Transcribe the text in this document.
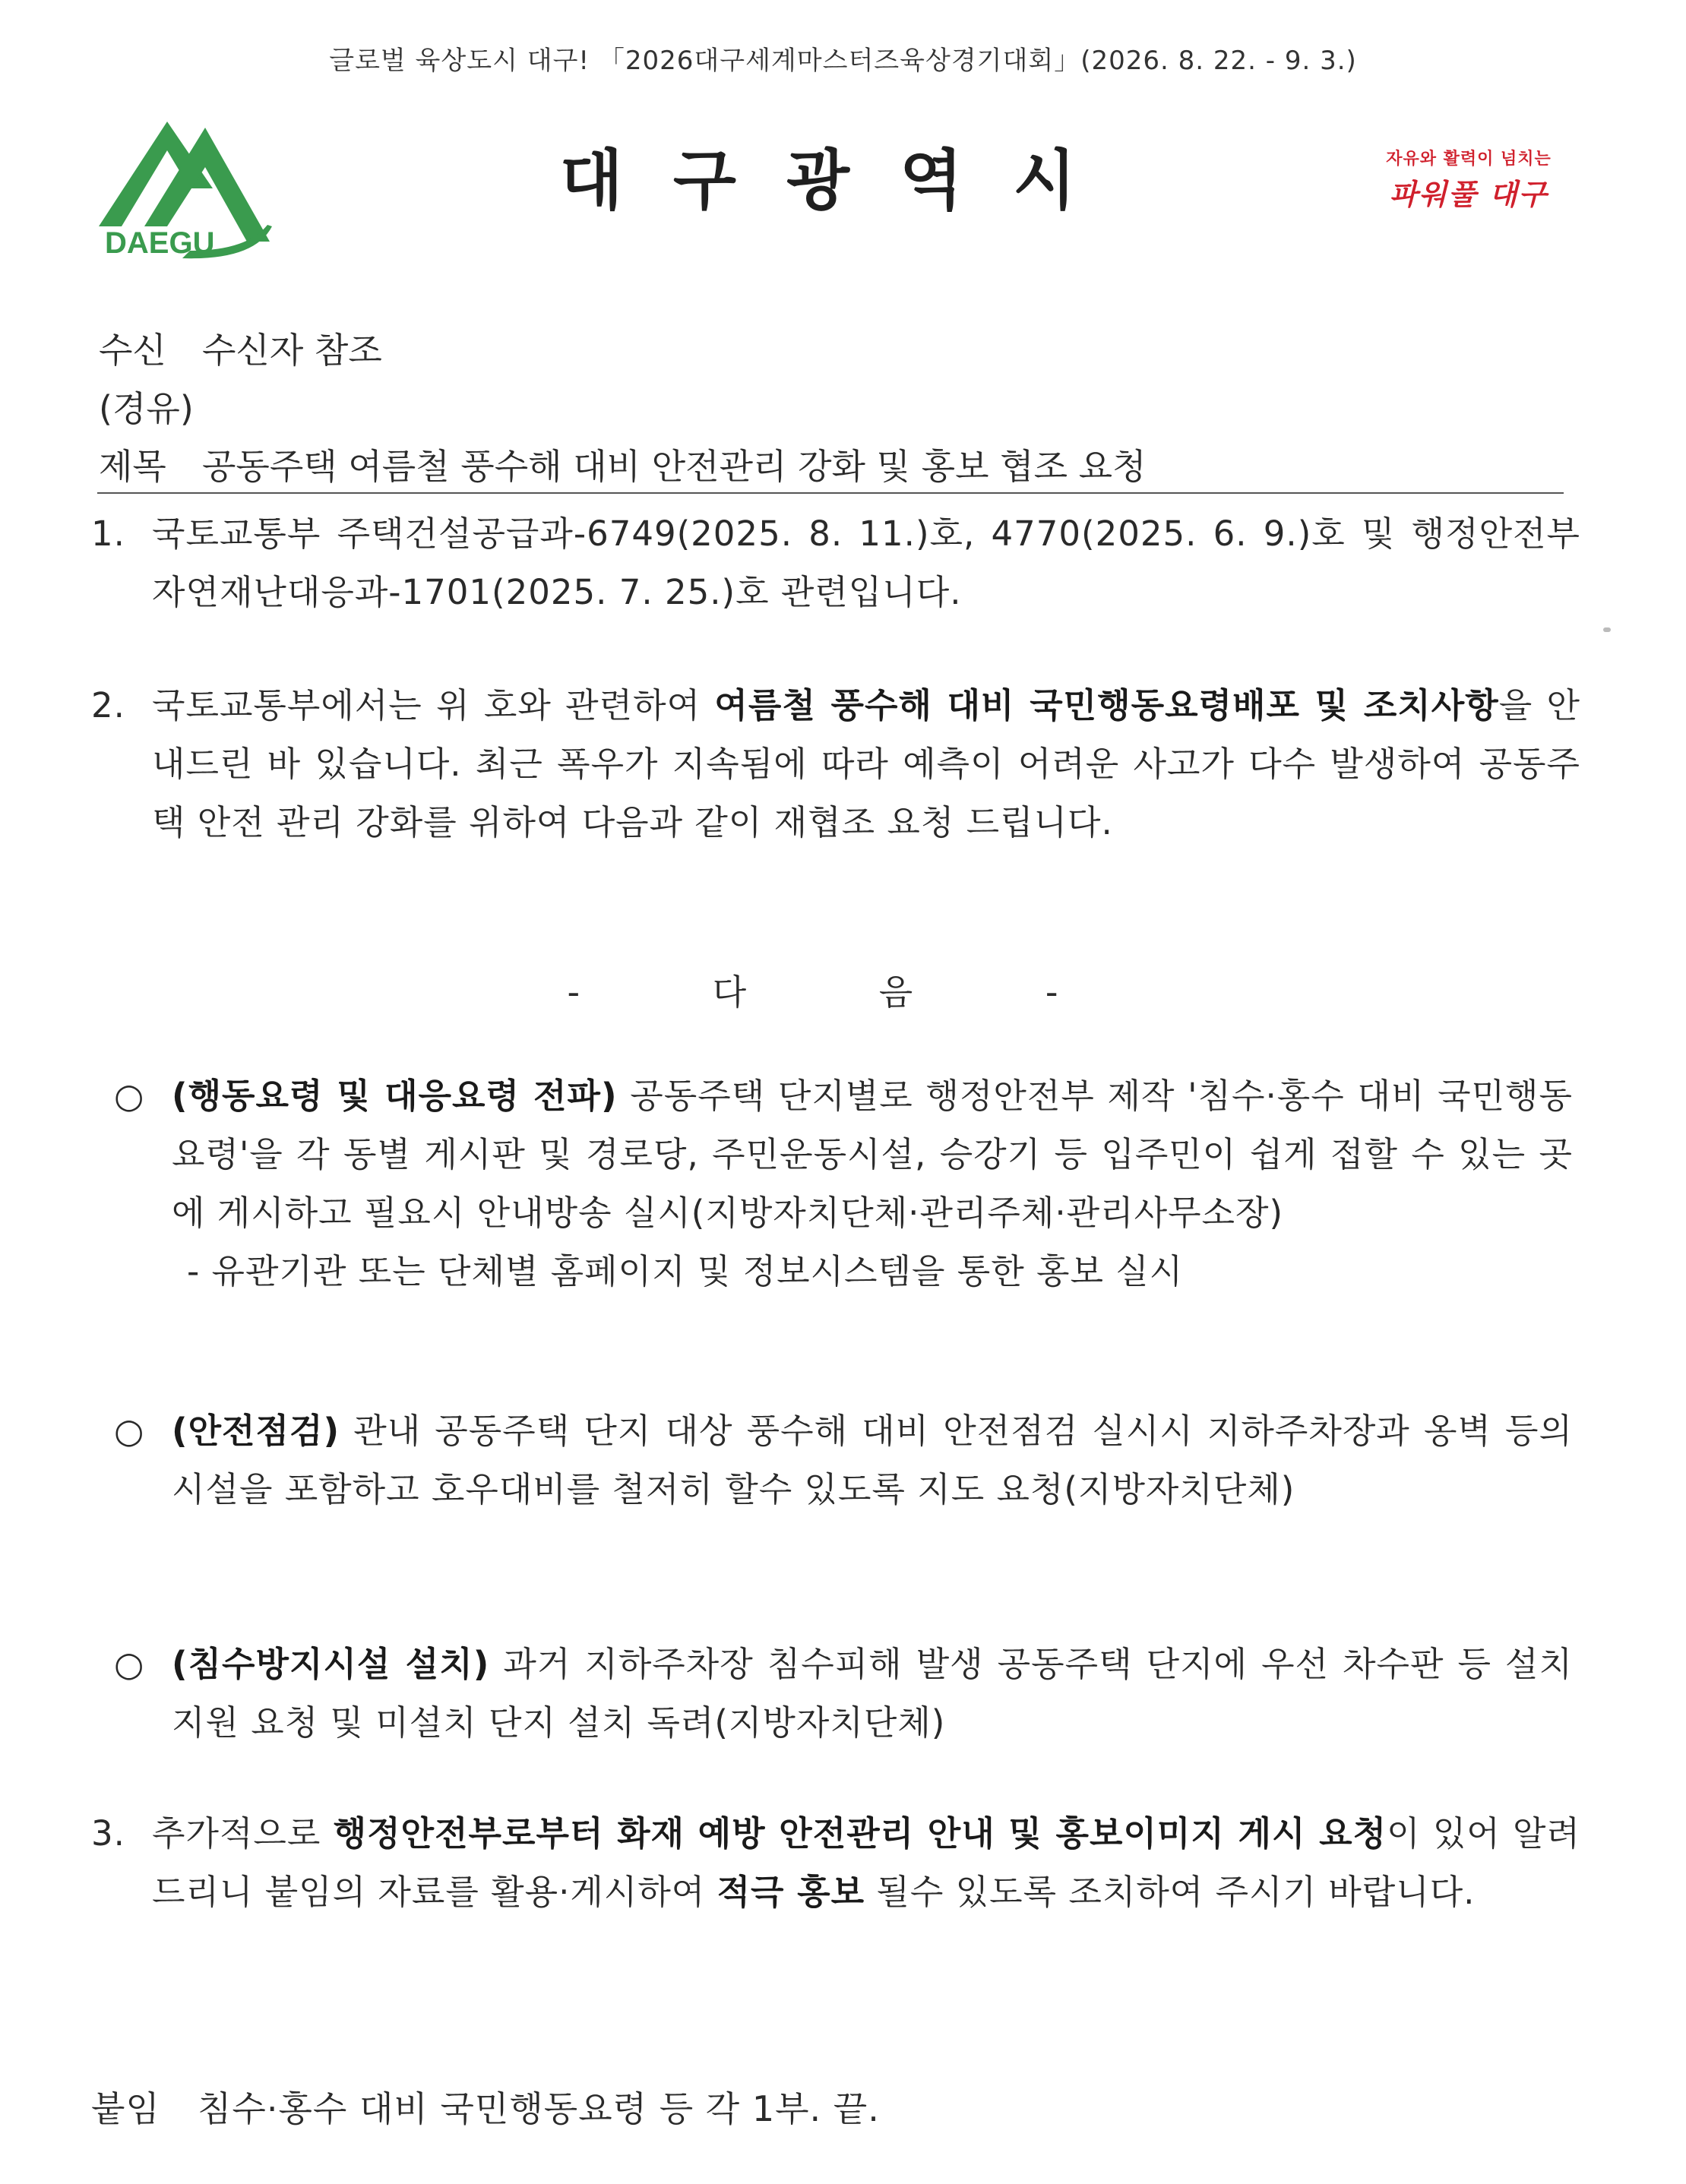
글로벌 육상도시 대구! 「2026대구세계마스터즈육상경기대회」(2026. 8. 22. - 9. 3.)
DAEGU
대구광역시	자유와 활력이 넘치는
파워풀 대구
수신 수신자 참조
(경유)
제목 공동주택 여름철 풍수해 대비 안전관리 강화 및 홍보 협조 요청
1. 국토교통부 주택건설공급과-6749(2025. 8. 11.)호, 4770(2025. 6. 9.)호 및 행정안전부 자연재난대응과-1701(2025. 7. 25.)호 관련입니다.
2. 국토교통부에서는 위 호와 관련하여 여름철 풍수해 대비 국민행동요령배포 및 조치사항을 안내드린 바 있습니다. 최근 폭우가 지속됨에 따라 예측이 어려운 사고가 다수 발생하여 공동주택 안전 관리 강화를 위하여 다음과 같이 재협조 요청 드립니다.
- 다 음 -
○ (행동요령 및 대응요령 전파) 공동주택 단지별로 행정안전부 제작 '침수·홍수 대비 국민행동요령'을 각 동별 게시판 및 경로당, 주민운동시설, 승강기 등 입주민이 쉽게 접할 수 있는 곳에 게시하고 필요시 안내방송 실시(지방자치단체·관리주체·관리사무소장)
- 유관기관 또는 단체별 홈페이지 및 정보시스템을 통한 홍보 실시
○ (안전점검) 관내 공동주택 단지 대상 풍수해 대비 안전점검 실시시 지하주차장과 옹벽 등의 시설을 포함하고 호우대비를 철저히 할수 있도록 지도 요청(지방자치단체)
○ (침수방지시설 설치) 과거 지하주차장 침수피해 발생 공동주택 단지에 우선 차수판 등 설치 지원 요청 및 미설치 단지 설치 독려(지방자치단체)
3. 추가적으로 행정안전부로부터 화재 예방 안전관리 안내 및 홍보이미지 게시 요청이 있어 알려드리니 붙임의 자료를 활용·게시하여 적극 홍보 될수 있도록 조치하여 주시기 바랍니다.
붙임 침수·홍수 대비 국민행동요령 등 각 1부. 끝.
